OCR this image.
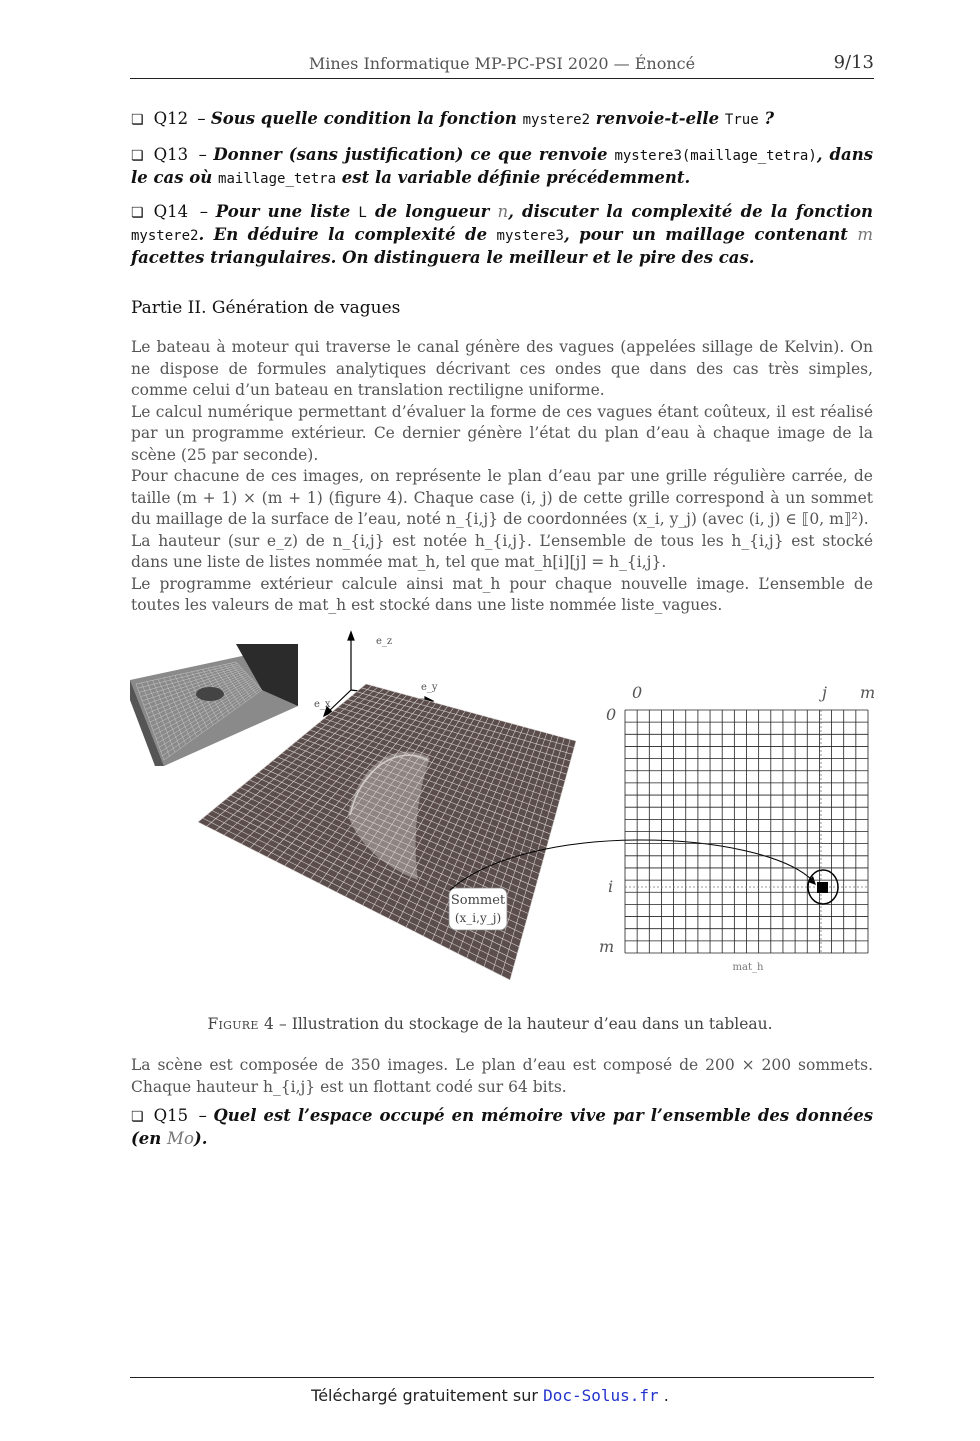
Mines Informatique MP-PC-PSI 2020 — Énoncé	9/13
❏ Q12 – Sous quelle condition la fonction mystere2 renvoie-t-elle True ?
❏ Q13 – Donner (sans justification) ce que renvoie mystere3(maillage_tetra), dans le cas où maillage_tetra est la variable définie précédemment.
❏ Q14 – Pour une liste L de longueur n, discuter la complexité de la fonction mystere2. En déduire la complexité de mystere3, pour un maillage contenant m facettes triangulaires. On distinguera le meilleur et le pire des cas.
Partie II. Génération de vagues

Le bateau à moteur qui traverse le canal génère des vagues (appelées sillage de Kelvin). On ne dispose de formules analytiques décrivant ces ondes que dans des cas très simples, comme celui d’un bateau en translation rectiligne uniforme.

Le calcul numérique permettant d’évaluer la forme de ces vagues étant coûteux, il est réalisé par un programme extérieur. Ce dernier génère l’état du plan d’eau à chaque image de la scène (25 par seconde).

Pour chacune de ces images, on représente le plan d’eau par une grille régulière carrée, de taille (m + 1) × (m + 1) (figure 4). Chaque case (i, j) de cette grille correspond à un sommet du maillage de la surface de l’eau, noté n_{i,j} de coordonnées (x_i, y_j) (avec (i, j) ∈ ⟦0, m⟧²).

La hauteur (sur e_z) de n_{i,j} est notée h_{i,j}. L’ensemble de tous les h_{i,j} est stocké dans une liste de listes nommée mat_h, tel que mat_h[i][j] = h_{i,j}.

Le programme extérieur calcule ainsi mat_h pour chaque nouvelle image. L’ensemble de toutes les valeurs de mat_h est stocké dans une liste nommée liste_vagues.

e_z
e_y
e_x
Sommet
(x_i,y_j)
0	j m
0
i
m
mat_h
Figure 4 – Illustration du stockage de la hauteur d’eau dans un tableau.
La scène est composée de 350 images. Le plan d’eau est composé de 200 × 200 sommets. Chaque hauteur h_{i,j} est un flottant codé sur 64 bits.
❏ Q15 – Quel est l’espace occupé en mémoire vive par l’ensemble des données (en Mo).
Téléchargé gratuitement sur Doc-Solus.fr .
